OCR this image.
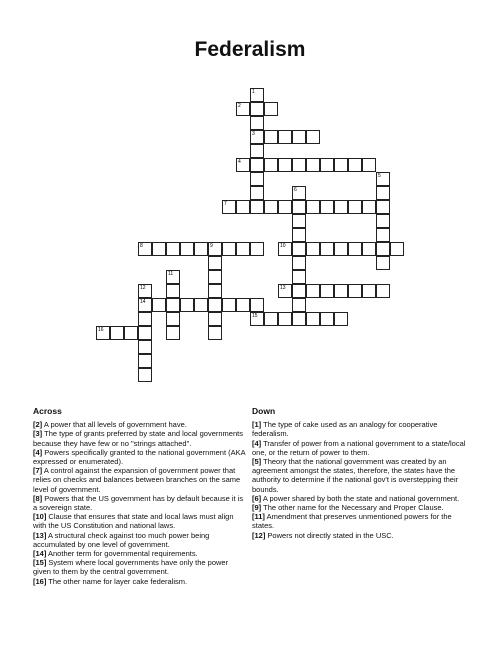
Federalism
1
2
3
4
5
6
7
8	9	10
11
12	13
14
15
16
Across

[2] A power that all levels of government have.

[3] The type of grants preferred by state and local governments because they have few or no "strings attached".

[4] Powers specifically granted to the national government (AKA expressed or enumerated).

[7] A control against the expansion of government power that relies on checks and balances between branches on the same level of government.

[8] Powers that the US government has by default because it is a sovereign state.

[10] Clause that ensures that state and local laws must align with the US Constitution and national laws.

[13] A structural check against too much power being accumulated by one level of government.

[14] Another term for governmental requirements.

[15] System where local governments have only the power given to them by the central government.

[16] The other name for layer cake federalism.

Down

[1] The type of cake used as an analogy for cooperative federalism.

[4] Transfer of power from a national government to a state/local one, or the return of power to them.

[5] Theory that the national government was created by an agreement amongst the states, therefore, the states have the authority to determine if the national gov't is overstepping their bounds.

[6] A power shared by both the state and national government.

[9] The other name for the Necessary and Proper Clause.

[11] Amendment that preserves unmentioned powers for the states.

[12] Powers not directly stated in the USC.
